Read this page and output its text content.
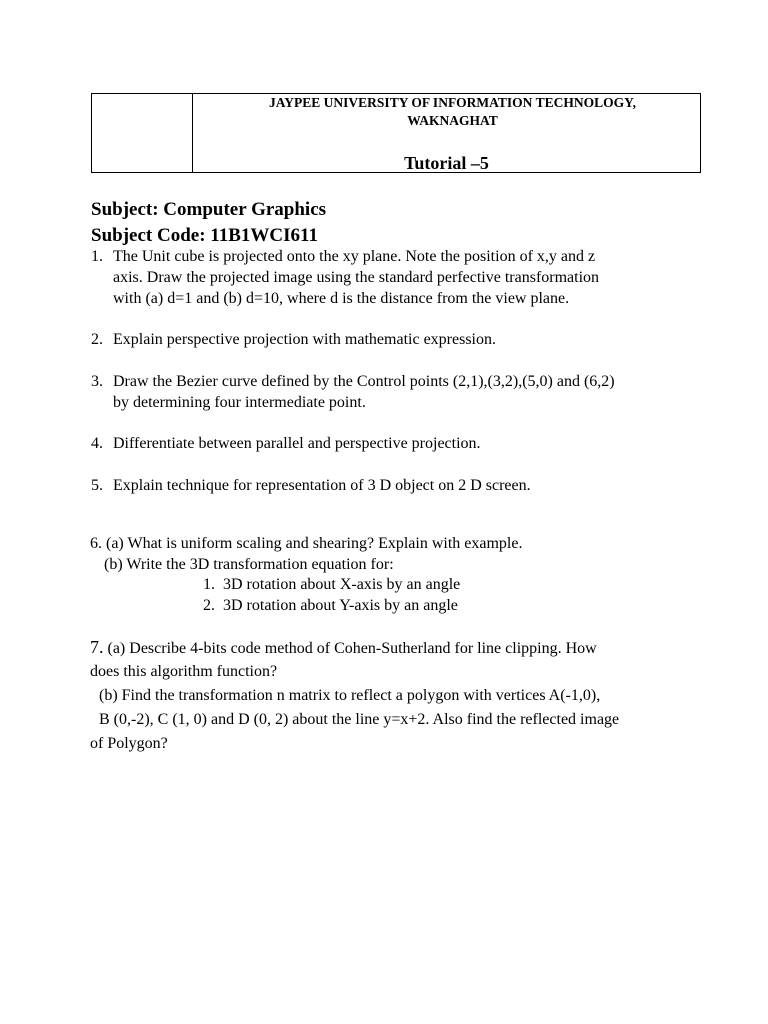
JAYPEE UNIVERSITY OF INFORMATION TECHNOLOGY,
WAKNAGHAT
Tutorial –5
Subject: Computer Graphics
Subject Code: 11B1WCI611
1. The Unit cube is projected onto the xy plane. Note the position of x,y and z
axis. Draw the projected image using the standard perfective transformation
with (a) d=1 and (b) d=10, where d is the distance from the view plane.
2. Explain perspective projection with mathematic expression.
3. Draw the Bezier curve defined by the Control points (2,1),(3,2),(5,0) and (6,2)
by determining four intermediate point.
4. Differentiate between parallel and perspective projection.
5. Explain technique for representation of 3 D object on 2 D screen.
6. (a) What is uniform scaling and shearing? Explain with example.
(b) Write the 3D transformation equation for:
1. 3D rotation about X-axis by an angle
2. 3D rotation about Y-axis by an angle
7. (a) Describe 4-bits code method of Cohen-Sutherland for line clipping. How
does this algorithm function?
(b) Find the transformation n matrix to reflect a polygon with vertices A(-1,0),
B (0,-2), C (1, 0) and D (0, 2) about the line y=x+2. Also find the reflected image
of Polygon?
